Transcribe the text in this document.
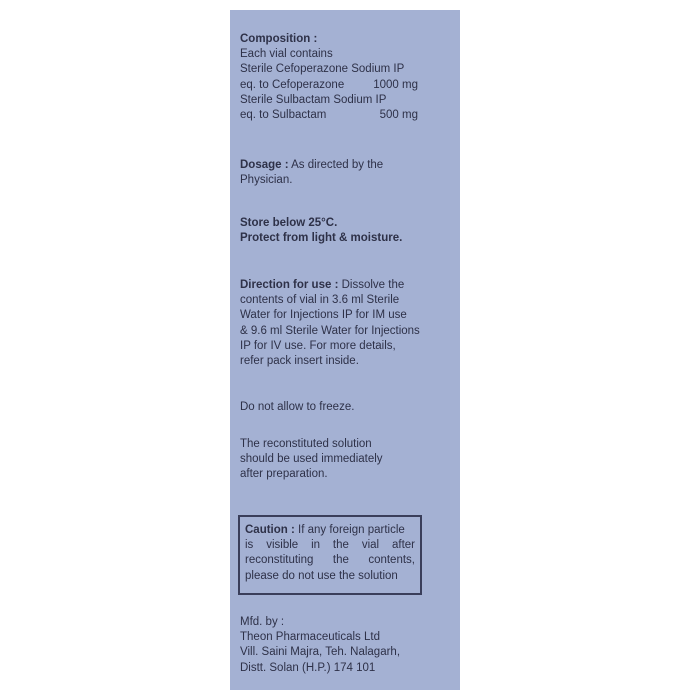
Composition :
Each vial contains
Sterile Cefoperazone Sodium IP
eq. to Cefoperazone	1000 mg
Sterile Sulbactam Sodium IP
eq. to Sulbactam	500 mg
Dosage : As directed by the
Physician.
Store below 25°C.
Protect from light & moisture.
Direction for use : Dissolve the
contents of vial in 3.6 ml Sterile
Water for Injections IP for IM use
& 9.6 ml Sterile Water for Injections
IP for IV use. For more details,
refer pack insert inside.
Do not allow to freeze.
The reconstituted solution
should be used immediately
after preparation.
Caution : If any foreign particle
is visible in the vial after
reconstituting the contents,
please do not use the solution
Mfd. by :
Theon Pharmaceuticals Ltd
Vill. Saini Majra, Teh. Nalagarh,
Distt. Solan (H.P.) 174 101
